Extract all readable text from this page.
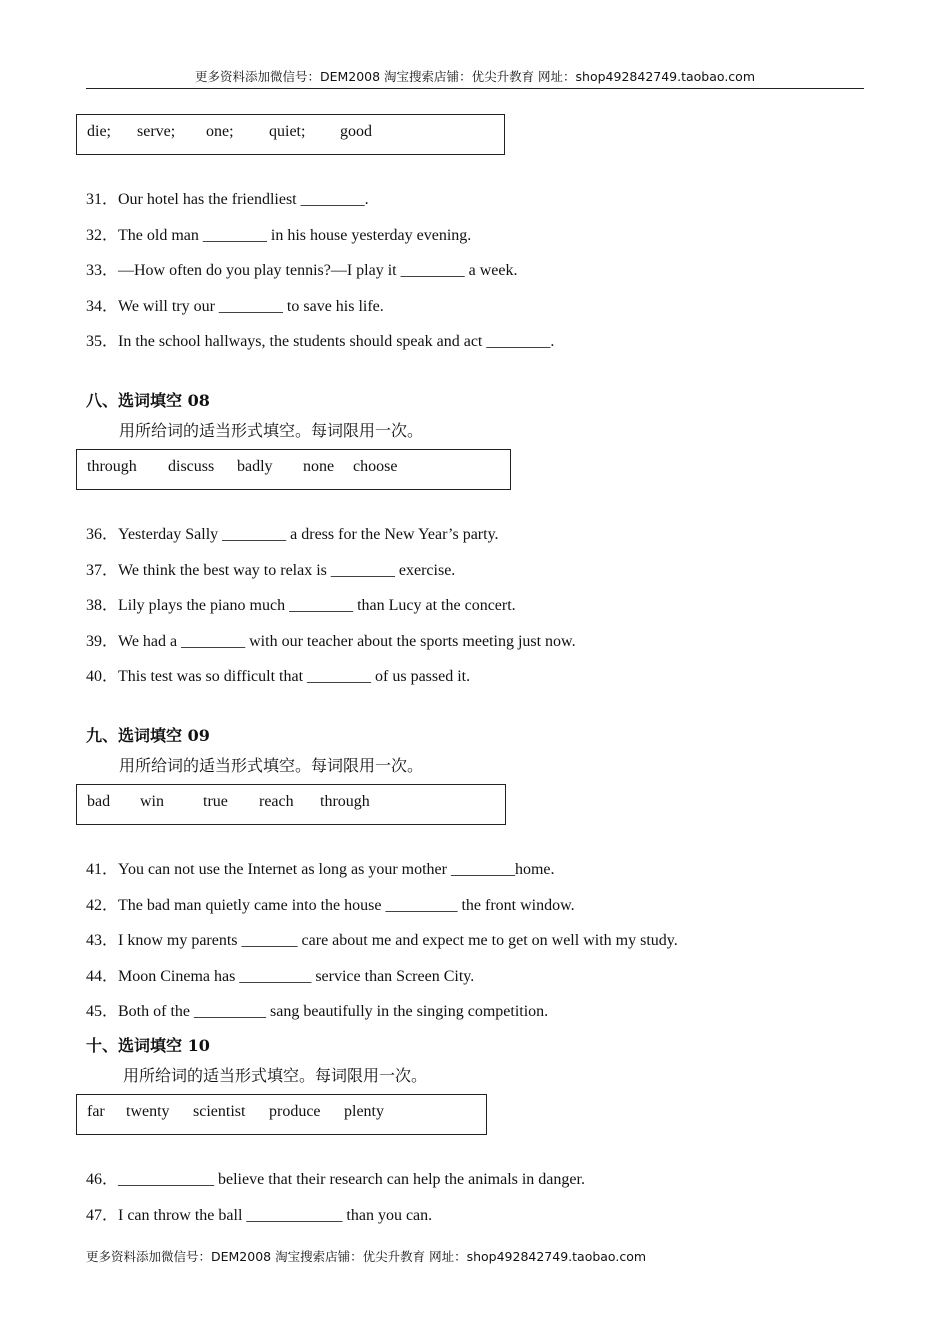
更多资料添加微信号：DEM2008 淘宝搜索店铺：优尖升教育 网址：shop492842749.taobao.com
die; serve; one; quiet; good
31．Our hotel has the friendliest ________.
32．The old man ________ in his house yesterday evening.
33．—How often do you play tennis?—I play it ________ a week.
34．We will try our ________ to save his life.
35．In the school hallways, the students should speak and act ________.
八、选词填空 08
用所给词的适当形式填空。每词限用一次。
through discuss badly none choose
36．Yesterday Sally ________ a dress for the New Year’s party.
37．We think the best way to relax is ________ exercise.
38．Lily plays the piano much ________ than Lucy at the concert.
39．We had a ________ with our teacher about the sports meeting just now.
40．This test was so difficult that ________ of us passed it.
九、选词填空 09
用所给词的适当形式填空。每词限用一次。
bad win true reach through
41．You can not use the Internet as long as your mother ________home.
42．The bad man quietly came into the house _________ the front window.
43．I know my parents _______ care about me and expect me to get on well with my study.
44．Moon Cinema has _________ service than Screen City.
45．Both of the _________ sang beautifully in the singing competition.
十、选词填空 10
用所给词的适当形式填空。每词限用一次。
far twenty scientist produce plenty
46．____________ believe that their research can help the animals in danger.
47．I can throw the ball ____________ than you can.
更多资料添加微信号：DEM2008 淘宝搜索店铺：优尖升教育 网址：shop492842749.taobao.com
